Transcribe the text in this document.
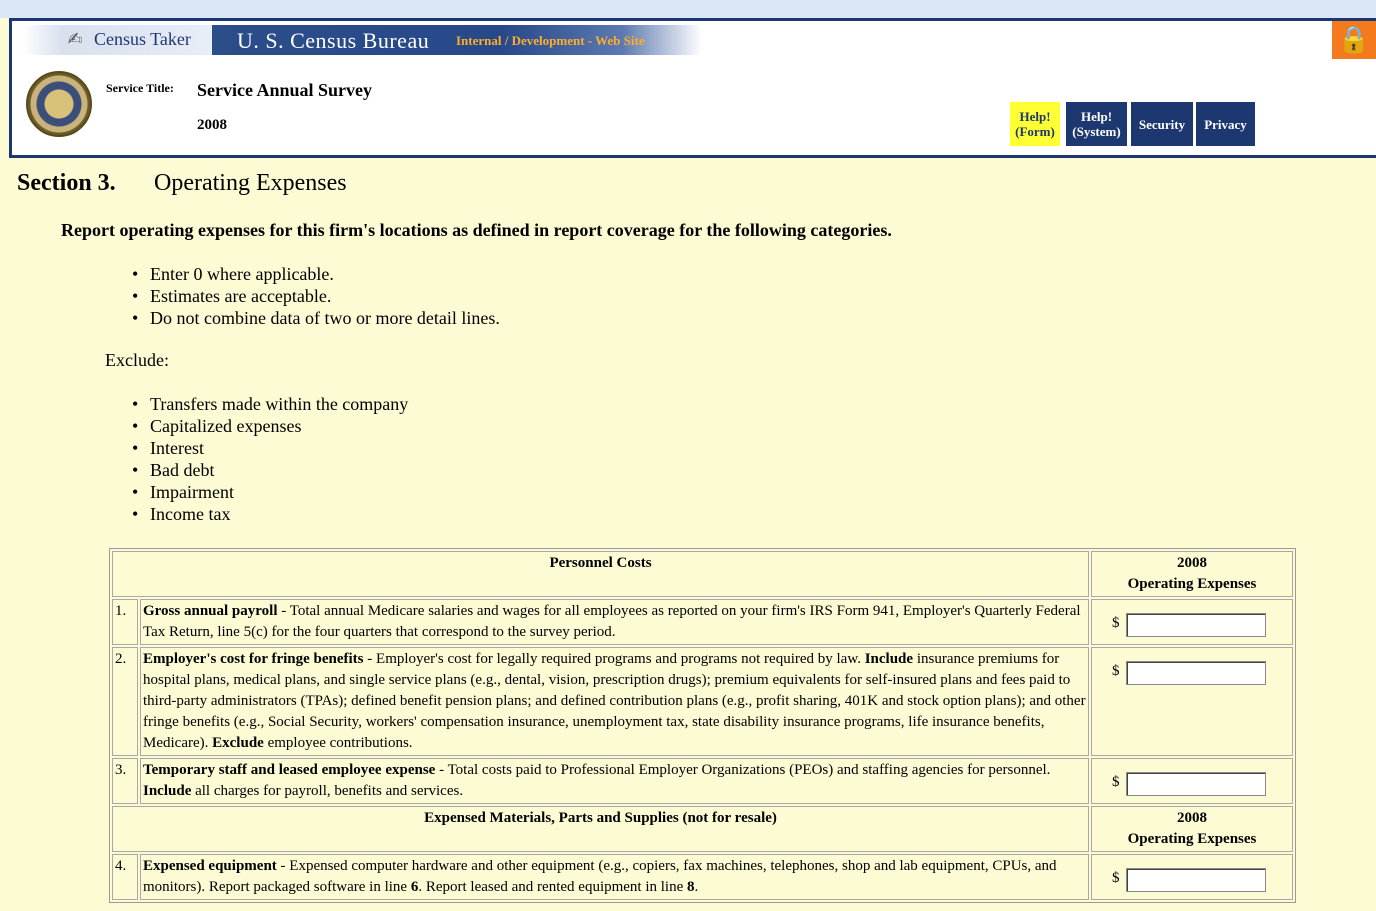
✍ Census Taker U. S. Census Bureau Internal / Development - Web Site	🔒
Service Title: Service Annual Survey
2008
Help! (Form)
Help! (System) Security Privacy
Section 3. Operating Expenses
Report operating expenses for this firm's locations as defined in report coverage for the following categories.
• Enter 0 where applicable.
• Estimates are acceptable.
• Do not combine data of two or more detail lines.
Exclude:
• Transfers made within the company
• Capitalized expenses
• Interest
• Bad debt
• Impairment
• Income tax
Personnel Costs		2008
Operating Expenses
1.	Gross annual payroll - Total annual Medicare salaries and wages for all employees as reported on your firm's IRS Form 941, Employer's Quarterly Federal Tax Return, line 5(c) for the four quarters that correspond to the survey period.	$
2.	Employer's cost for fringe benefits - Employer's cost for legally required programs and programs not required by law. Include insurance premiums for hospital plans, medical plans, and single service plans (e.g., dental, vision, prescription drugs); premium equivalents for self-insured plans and fees paid to third-party administrators (TPAs); defined benefit pension plans; and defined contribution plans (e.g., profit sharing, 401K and stock option plans); and other fringe benefits (e.g., Social Security, workers' compensation insurance, unemployment tax, state disability insurance programs, life insurance benefits, Medicare). Exclude employee contributions.	$
3.	Temporary staff and leased employee expense - Total costs paid to Professional Employer Organizations (PEOs) and staffing agencies for personnel. Include all charges for payroll, benefits and services.	$
Expensed Materials, Parts and Supplies (not for resale)		2008
Operating Expenses
4.	Expensed equipment - Expensed computer hardware and other equipment (e.g., copiers, fax machines, telephones, shop and lab equipment, CPUs, and monitors). Report packaged software in line 6. Report leased and rented equipment in line 8.	$
